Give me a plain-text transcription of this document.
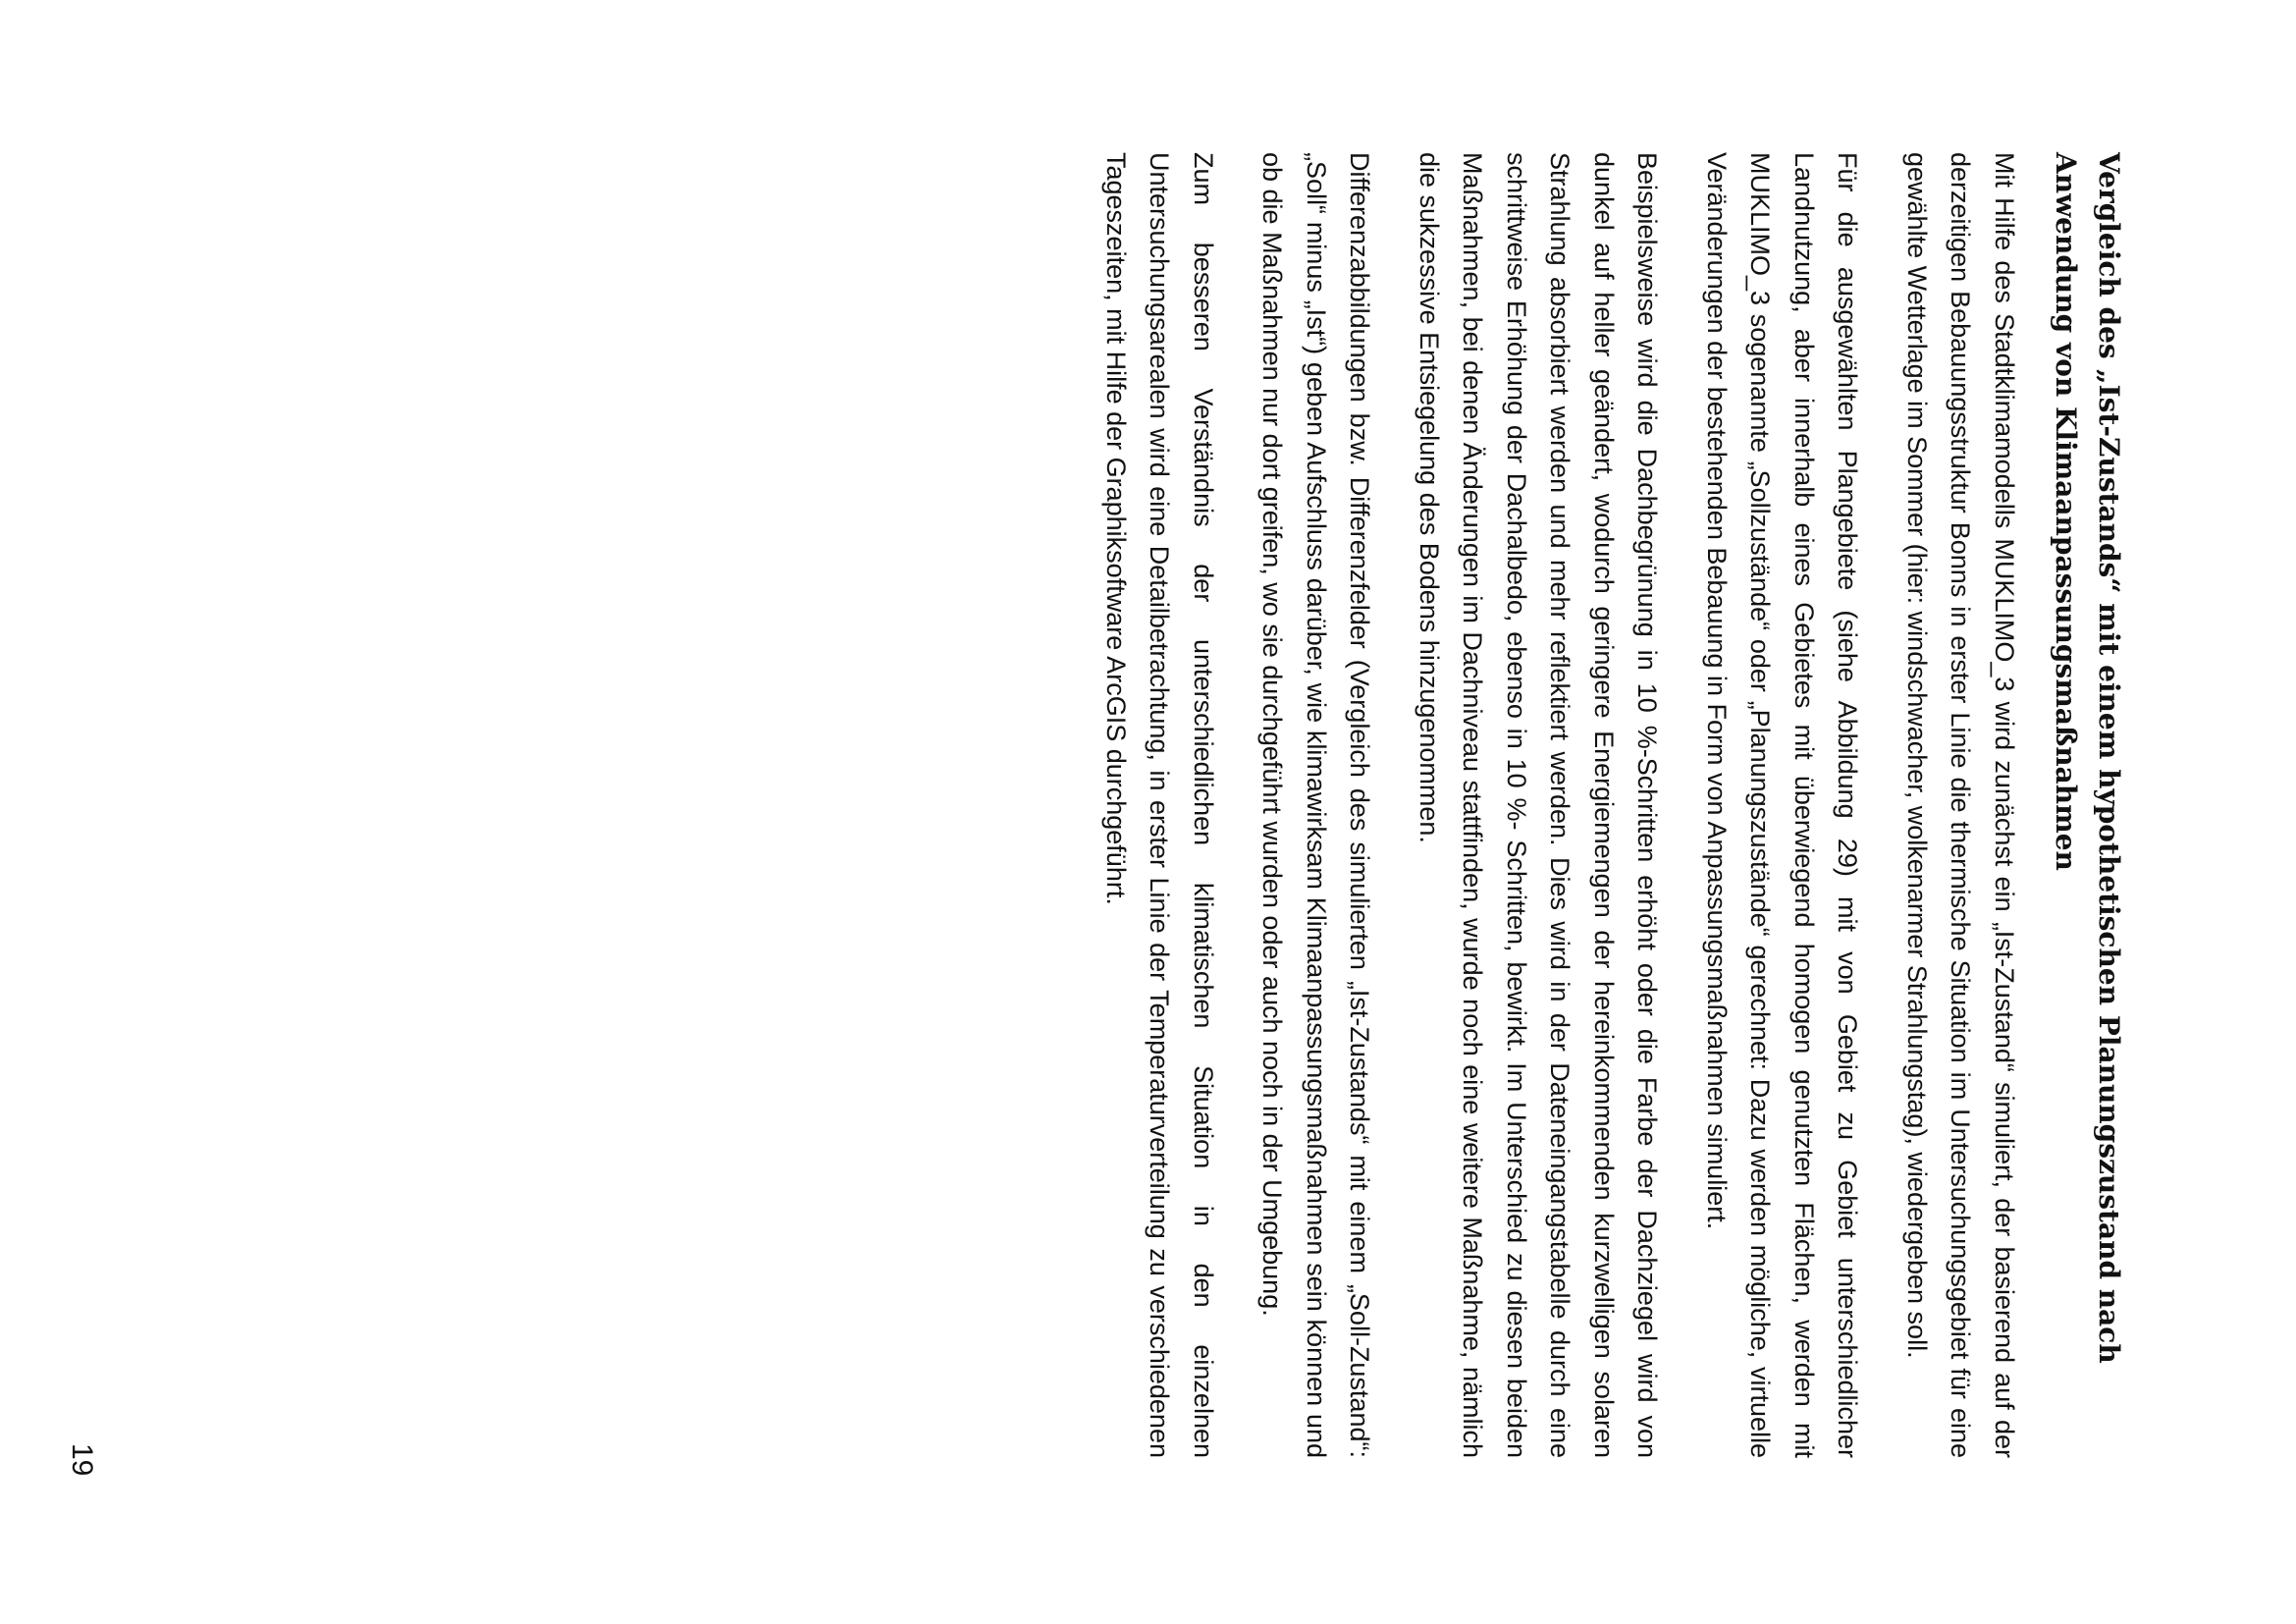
Vergleich des „Ist-Zustands“ mit einem hypothetischen Planungszustand nach Anwendung von Klimaanpassungsmaßnahmen

Mit Hilfe des Stadtklimamodells MUKLIMO_3 wird zunächst ein „Ist-Zustand“ simuliert, der basierend auf der derzeitigen Bebauungsstruktur Bonns in erster Linie die thermische Situation im Untersuchungsgebiet für eine gewählte Wetterlage im Sommer (hier: windschwacher, wolkenarmer Strahlungstag), wiedergeben soll.

Für die ausgewählten Plangebiete (siehe Abbildung 29) mit von Gebiet zu Gebiet unterschiedlicher Landnutzung, aber innerhalb eines Gebietes mit überwiegend homogen genutzten Flächen, werden mit MUKLIMO_3 sogenannte „Sollzustände“ oder „Planungszustände“ gerechnet: Dazu werden mögliche, virtuelle Veränderungen der bestehenden Bebauung in Form von Anpassungsmaßnahmen simuliert.

Beispielsweise wird die Dachbegrünung in 10 %-Schritten erhöht oder die Farbe der Dachziegel wird von dunkel auf heller geändert, wodurch geringere Energiemengen der hereinkommenden kurzwelligen solaren Strahlung absorbiert werden und mehr reflektiert werden. Dies wird in der Dateneingangstabelle durch eine schrittweise Erhöhung der Dachalbedo, ebenso in 10 %- Schritten, bewirkt. Im Unterschied zu diesen beiden Maßnahmen, bei denen Änderungen im Dachniveau stattfinden, wurde noch eine weitere Maßnahme, nämlich die sukzessive Entsiegelung des Bodens hinzugenommen.

Differenzabbildungen bzw. Differenzfelder (Vergleich des simulierten „Ist-Zustands“ mit einem „Soll-Zustand“: „Soll“ minus „Ist“) geben Aufschluss darüber, wie klimawirksam Klimaanpassungsmaßnahmen sein können und ob die Maßnahmen nur dort greifen, wo sie durchgeführt wurden oder auch noch in der Umgebung.

Zum besseren Verständnis der unterschiedlichen klimatischen Situation in den einzelnen Untersuchungsarealen wird eine Detailbetrachtung, in erster Linie der Temperaturverteilung zu verschiedenen Tageszeiten, mit Hilfe der Graphiksoftware ArcGIS durchgeführt.

19
